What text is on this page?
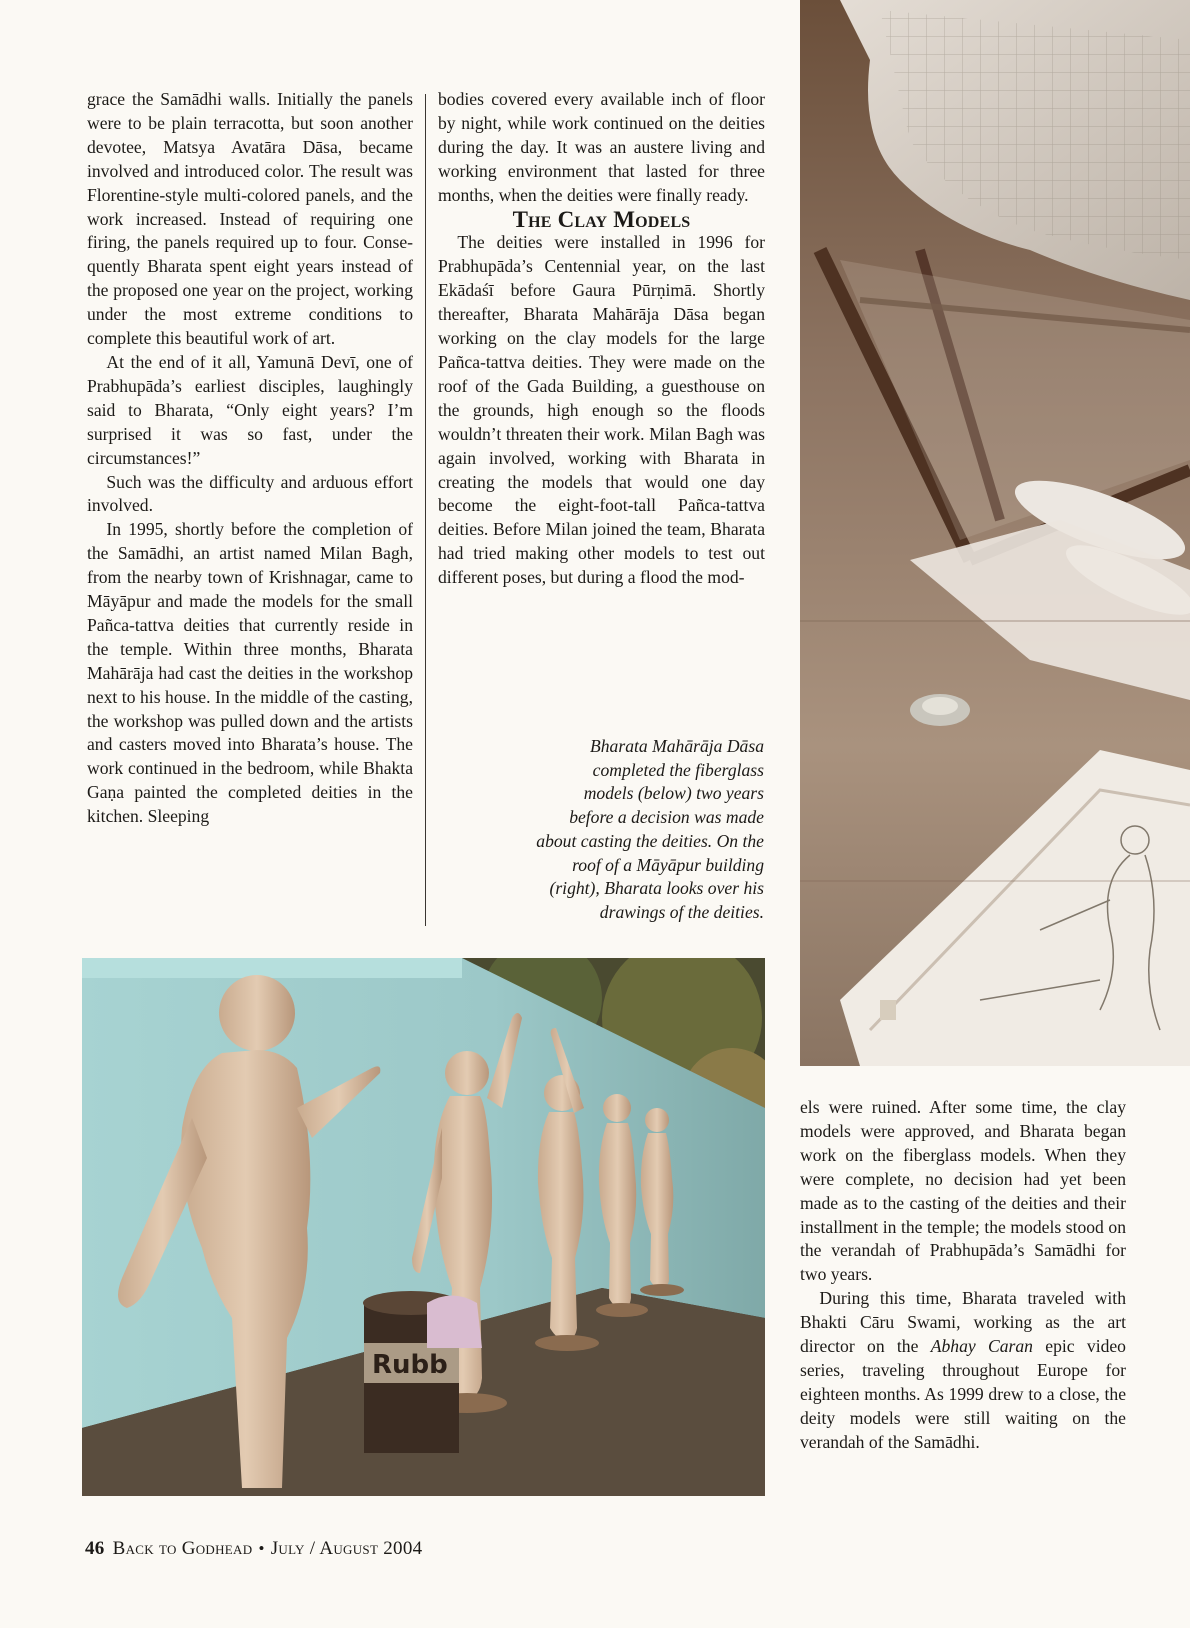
grace the Samādhi walls. Initially the panels were to be plain terracotta, but soon another devotee, Matsya Avatāra Dāsa, became involved and introduced color. The result was Florentine-style multi-colored panels, and the work increased. Instead of requiring one firing, the panels required up to four. Consequently Bharata spent eight years instead of the proposed one year on the project, working under the most extreme conditions to complete this beautiful work of art.

At the end of it all, Yamunā Devī, one of Prabhupāda’s earliest disciples, laughingly said to Bharata, “Only eight years? I’m surprised it was so fast, under the circumstances!”

Such was the difficulty and arduous effort involved.

In 1995, shortly before the completion of the Samādhi, an artist named Milan Bagh, from the nearby town of Krishnagar, came to Māyāpur and made the models for the small Pañca-tattva deities that currently reside in the temple. Within three months, Bharata Mahārāja had cast the deities in the workshop next to his house. In the middle of the casting, the workshop was pulled down and the artists and casters moved into Bharata’s house. The work continued in the bedroom, while Bhakta Gaṇa painted the completed deities in the kitchen. Sleeping

bodies covered every available inch of floor by night, while work continued on the deities during the day. It was an austere living and working environment that lasted for three months, when the deities were finally ready.

The Clay Models

The deities were installed in 1996 for Prabhupāda’s Centennial year, on the last Ekādaśī before Gaura Pūrṇimā. Shortly thereafter, Bharata Mahārāja Dāsa began working on the clay models for the large Pañca-tattva deities. They were made on the roof of the Gada Building, a guesthouse on the grounds, high enough so the floods wouldn’t threaten their work. Milan Bagh was again involved, working with Bharata in creating the models that would one day become the eight-foot-tall Pañca-tattva deities. Before Milan joined the team, Bharata had tried making other models to test out different poses, but during a flood the mod-

Bharata Mahārāja Dāsa
completed the fiberglass
models (below) two years
before a decision was made
about casting the deities. On the
roof of a Māyāpur building
(right), Bharata looks over his
drawings of the deities.
Rubb

els were ruined. After some time, the clay models were approved, and Bharata began work on the fiberglass models. When they were complete, no decision had yet been made as to the casting of the deities and their installment in the temple; the models stood on the verandah of Prabhupāda’s Samādhi for two years.

During this time, Bharata traveled with Bhakti Cāru Swami, working as the art director on the Abhay Caran epic video series, traveling throughout Europe for eighteen months. As 1999 drew to a close, the deity models were still waiting on the verandah of the Samādhi.

46 Back to Godhead • July / August 2004
